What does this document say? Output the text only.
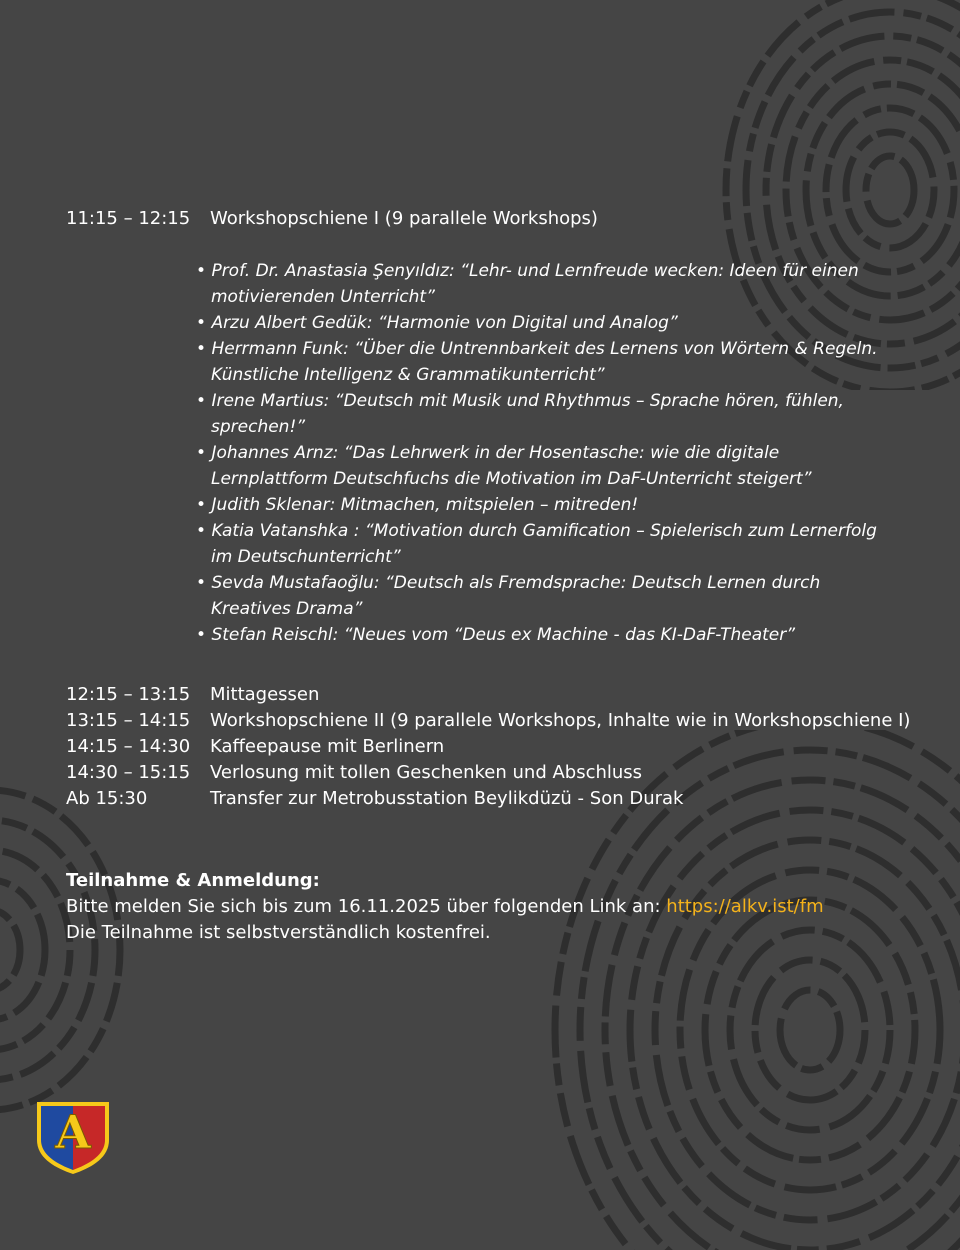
11:15 – 12:15 Workshopschiene I (9 parallele Workshops)
• Prof. Dr. Anastasia Şenyıldız: “Lehr- und Lernfreude wecken: Ideen für einen motivierenden Unterricht”
• Arzu Albert Gedük: “Harmonie von Digital und Analog”
• Herrmann Funk: “Über die Untrennbarkeit des Lernens von Wörtern & Regeln. Künstliche Intelligenz & Grammatikunterricht”
• Irene Martius: “Deutsch mit Musik und Rhythmus – Sprache hören, fühlen, sprechen!”
• Johannes Arnz: “Das Lehrwerk in der Hosentasche: wie die digitale Lernplattform Deutschfuchs die Motivation im DaF-Unterricht steigert”
• Judith Sklenar: Mitmachen, mitspielen – mitreden!
• Katia Vatanshka : “Motivation durch Gamification – Spielerisch zum Lernerfolg im Deutschunterricht”
• Sevda Mustafaoğlu: “Deutsch als Fremdsprache: Deutsch Lernen durch Kreatives Drama”
• Stefan Reischl: “Neues vom “Deus ex Machine - das KI-DaF-Theater”
12:15 – 13:15 Mittagessen
13:15 – 14:15 Workshopschiene II (9 parallele Workshops, Inhalte wie in Workshopschiene I)
14:15 – 14:30 Kaffeepause mit Berlinern
14:30 – 15:15 Verlosung mit tollen Geschenken und Abschluss
Ab 15:30	Transfer zur Metrobusstation Beylikdüzü - Son Durak
Teilnahme & Anmeldung:
Bitte melden Sie sich bis zum 16.11.2025 über folgenden Link an: https://alkv.ist/fm
Die Teilnahme ist selbstverständlich kostenfrei.
A
